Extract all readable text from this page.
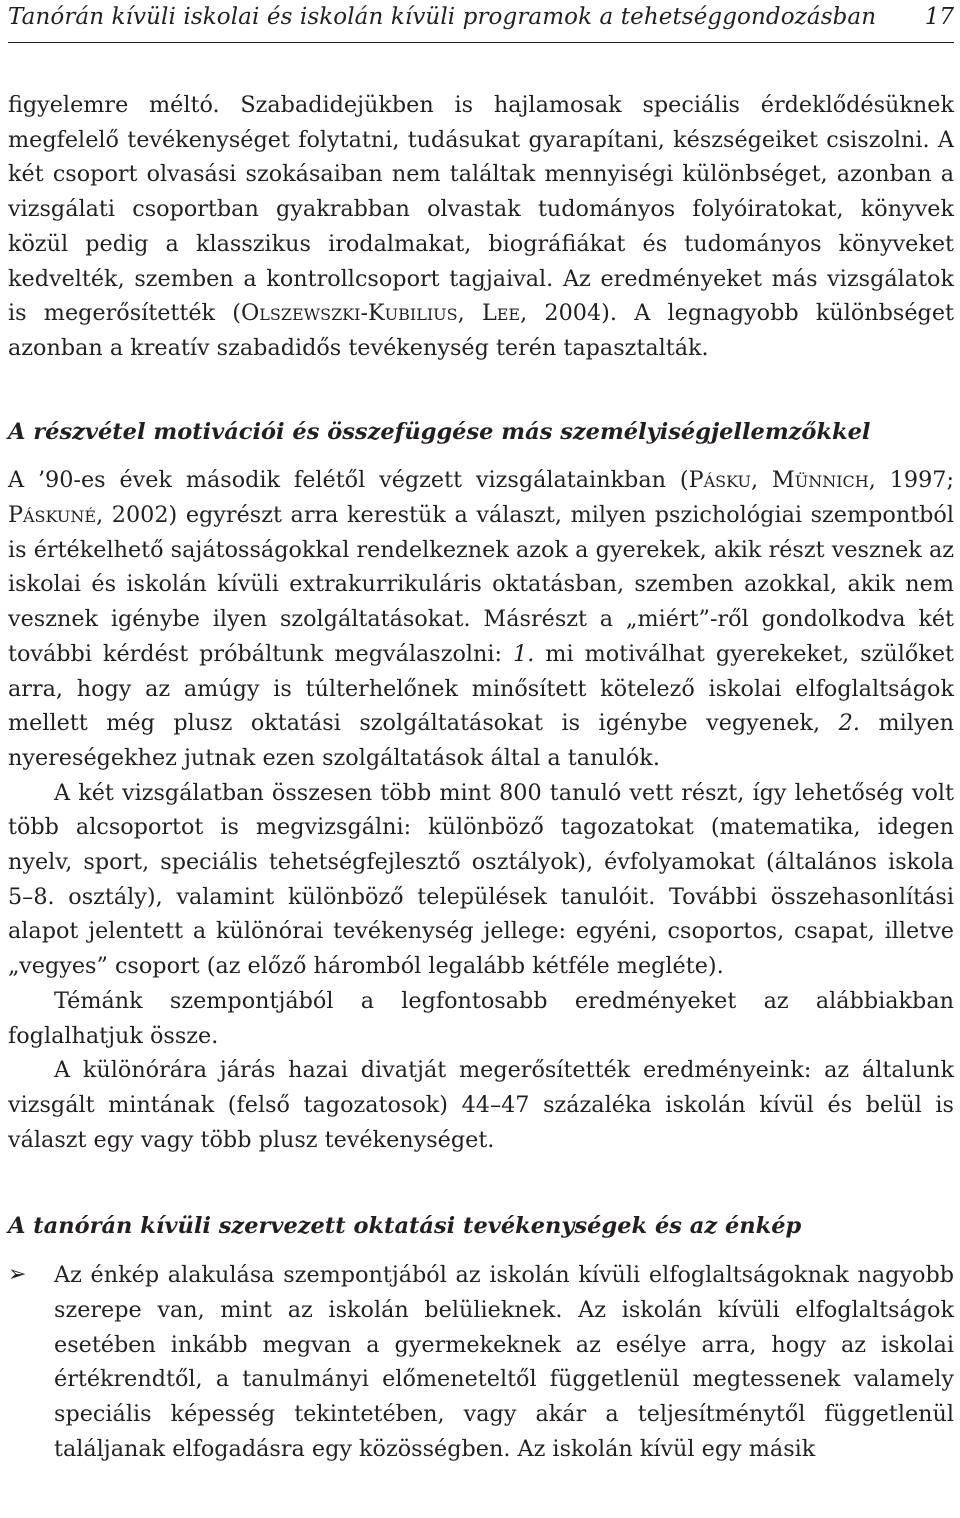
Tanórán kívüli iskolai és iskolán kívüli programok a tehetséggondozásban 17

figyelemre méltó. Szabadidejükben is hajlamosak speciális érdeklődésüknek megfelelő tevékenységet folytatni, tudásukat gyarapítani, készségeiket csiszolni. A két csoport olvasási szokásaiban nem találtak mennyiségi különbséget, azonban a vizsgálati csoportban gyakrabban olvastak tudományos folyóiratokat, könyvek közül pedig a klasszikus irodalmakat, biográfiákat és tudományos könyveket kedvelték, szemben a kontrollcsoport tagjaival. Az eredményeket más vizsgálatok is megerősítették (Olszewszki-Kubilius, Lee, 2004). A legnagyobb különbséget azonban a kreatív szabadidős tevékenység terén tapasztalták.

A részvétel motivációi és összefüggése más személyiségjellemzőkkel

A ’90-es évek második felétől végzett vizsgálatainkban (Pásku, Münnich, 1997; Páskuné, 2002) egyrészt arra kerestük a választ, milyen pszichológiai szempontból is értékelhető sajátosságokkal rendelkeznek azok a gyerekek, akik részt vesznek az iskolai és iskolán kívüli extrakurrikuláris oktatásban, szemben azokkal, akik nem vesznek igénybe ilyen szolgáltatásokat. Másrészt a „miért”-ről gondolkodva két további kérdést próbáltunk megválaszolni: 1. mi motiválhat gyerekeket, szülőket arra, hogy az amúgy is túlterhelőnek minősített kötelező iskolai elfoglaltságok mellett még plusz oktatási szolgáltatásokat is igénybe vegyenek, 2. milyen nyereségekhez jutnak ezen szolgáltatások által a tanulók.

A két vizsgálatban összesen több mint 800 tanuló vett részt, így lehetőség volt több alcsoportot is megvizsgálni: különböző tagozatokat (matematika, idegen nyelv, sport, speciális tehetségfejlesztő osztályok), évfolyamokat (általános iskola 5–8. osztály), valamint különböző települések tanulóit. További összehasonlítási alapot jelentett a különórai tevékenység jellege: egyéni, csoportos, csapat, illetve „vegyes” csoport (az előző háromból legalább kétféle megléte).

Témánk szempontjából a legfontosabb eredményeket az alábbiakban foglalhatjuk össze.

A különórára járás hazai divatját megerősítették eredményeink: az általunk vizsgált mintának (felső tagozatosok) 44–47 százaléka iskolán kívül és belül is választ egy vagy több plusz tevékenységet.

A tanórán kívüli szervezett oktatási tevékenységek és az énkép
➢ Az énkép alakulása szempontjából az iskolán kívüli elfoglaltságoknak nagyobb szerepe van, mint az iskolán belülieknek. Az iskolán kívüli elfoglaltságok esetében inkább megvan a gyermekeknek az esélye arra, hogy az iskolai értékrendtől, a tanulmányi előmeneteltől függetlenül megtessenek valamely speciális képesség tekintetében, vagy akár a teljesítménytől függetlenül találjanak elfogadásra egy közösségben. Az iskolán kívül egy másik
